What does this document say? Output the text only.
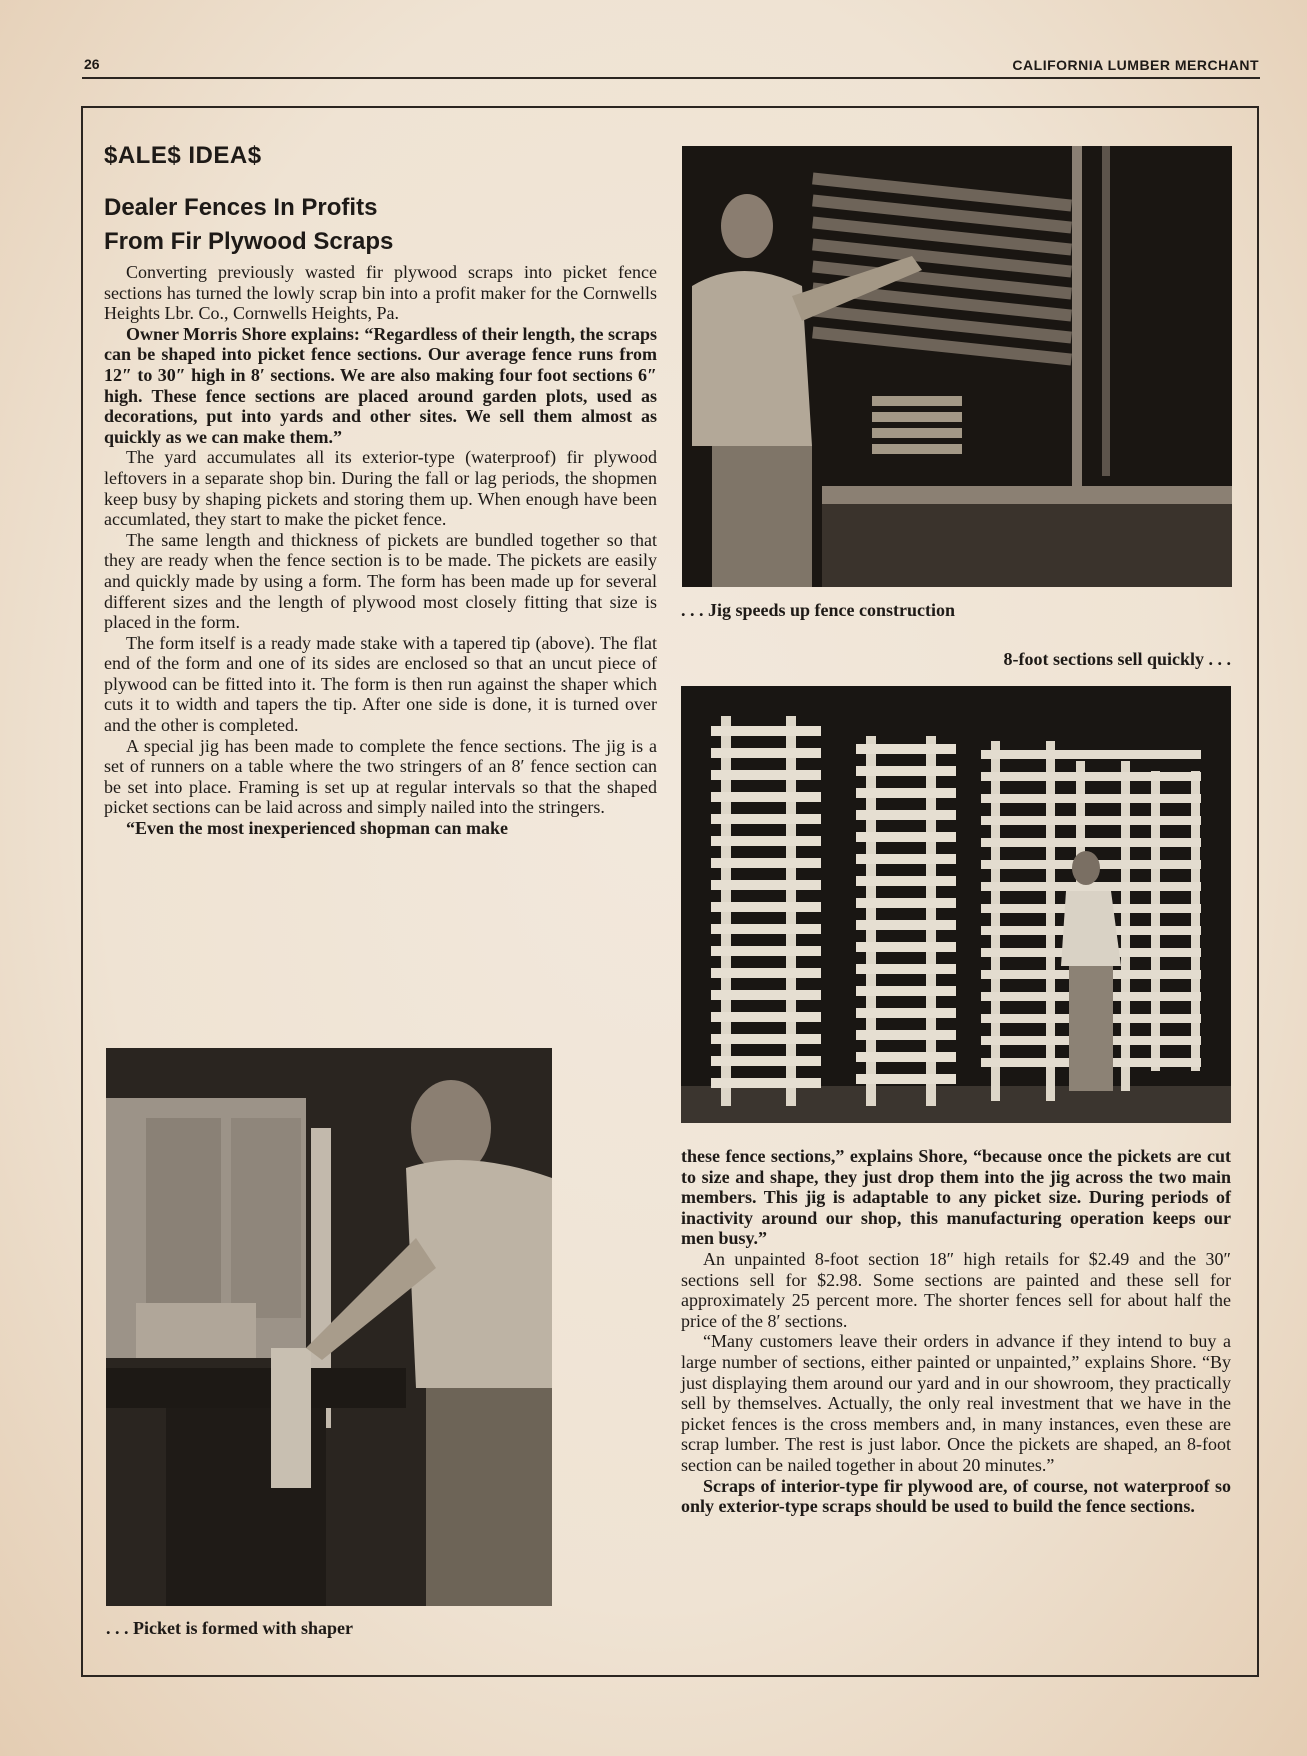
26	CALIFORNIA LUMBER MERCHANT
$ALE$ IDEA$
Dealer Fences In Profits
From Fir Plywood Scraps

Converting previously wasted fir plywood scraps into picket fence sections has turned the lowly scrap bin into a profit maker for the Cornwells Heights Lbr. Co., Cornwells Heights, Pa.

Owner Morris Shore explains: “Regardless of their length, the scraps can be shaped into picket fence sections. Our average fence runs from 12″ to 30″ high in 8′ sections. We are also making four foot sections 6″ high. These fence sections are placed around garden plots, used as decorations, put into yards and other sites. We sell them almost as quickly as we can make them.”

The yard accumulates all its exterior-type (waterproof) fir plywood leftovers in a separate shop bin. During the fall or lag periods, the shopmen keep busy by shaping pickets and storing them up. When enough have been accumlated, they start to make the picket fence.

The same length and thickness of pickets are bundled together so that they are ready when the fence section is to be made. The pickets are easily and quickly made by using a form. The form has been made up for several different sizes and the length of plywood most closely fitting that size is placed in the form.

The form itself is a ready made stake with a tapered tip (above). The flat end of the form and one of its sides are enclosed so that an uncut piece of plywood can be fitted into it. The form is then run against the shaper which cuts it to width and tapers the tip. After one side is done, it is turned over and the other is completed.

A special jig has been made to complete the fence sections. The jig is a set of runners on a table where the two stringers of an 8′ fence section can be set into place. Framing is set up at regular intervals so that the shaped picket sections can be laid across and simply nailed into the stringers.

“Even the most inexperienced shopman can make

these fence sections,” explains Shore, “because once the pickets are cut to size and shape, they just drop them into the jig across the two main members. This jig is adaptable to any picket size. During periods of inactivity around our shop, this manufacturing operation keeps our men busy.”

An unpainted 8-foot section 18″ high retails for $2.49 and the 30″ sections sell for $2.98. Some sections are painted and these sell for approximately 25 percent more. The shorter fences sell for about half the price of the 8′ sections.

“Many customers leave their orders in advance if they intend to buy a large number of sections, either painted or unpainted,” explains Shore. “By just displaying them around our yard and in our showroom, they practically sell by themselves. Actually, the only real investment that we have in the picket fences is the cross members and, in many instances, even these are scrap lumber. The rest is just labor. Once the pickets are shaped, an 8-foot section can be nailed together in about 20 minutes.”

Scraps of interior-type fir plywood are, of course, not waterproof so only exterior-type scraps should be used to build the fence sections.

. . . Jig speeds up fence construction
8-foot sections sell quickly . . .
. . . Picket is formed with shaper
